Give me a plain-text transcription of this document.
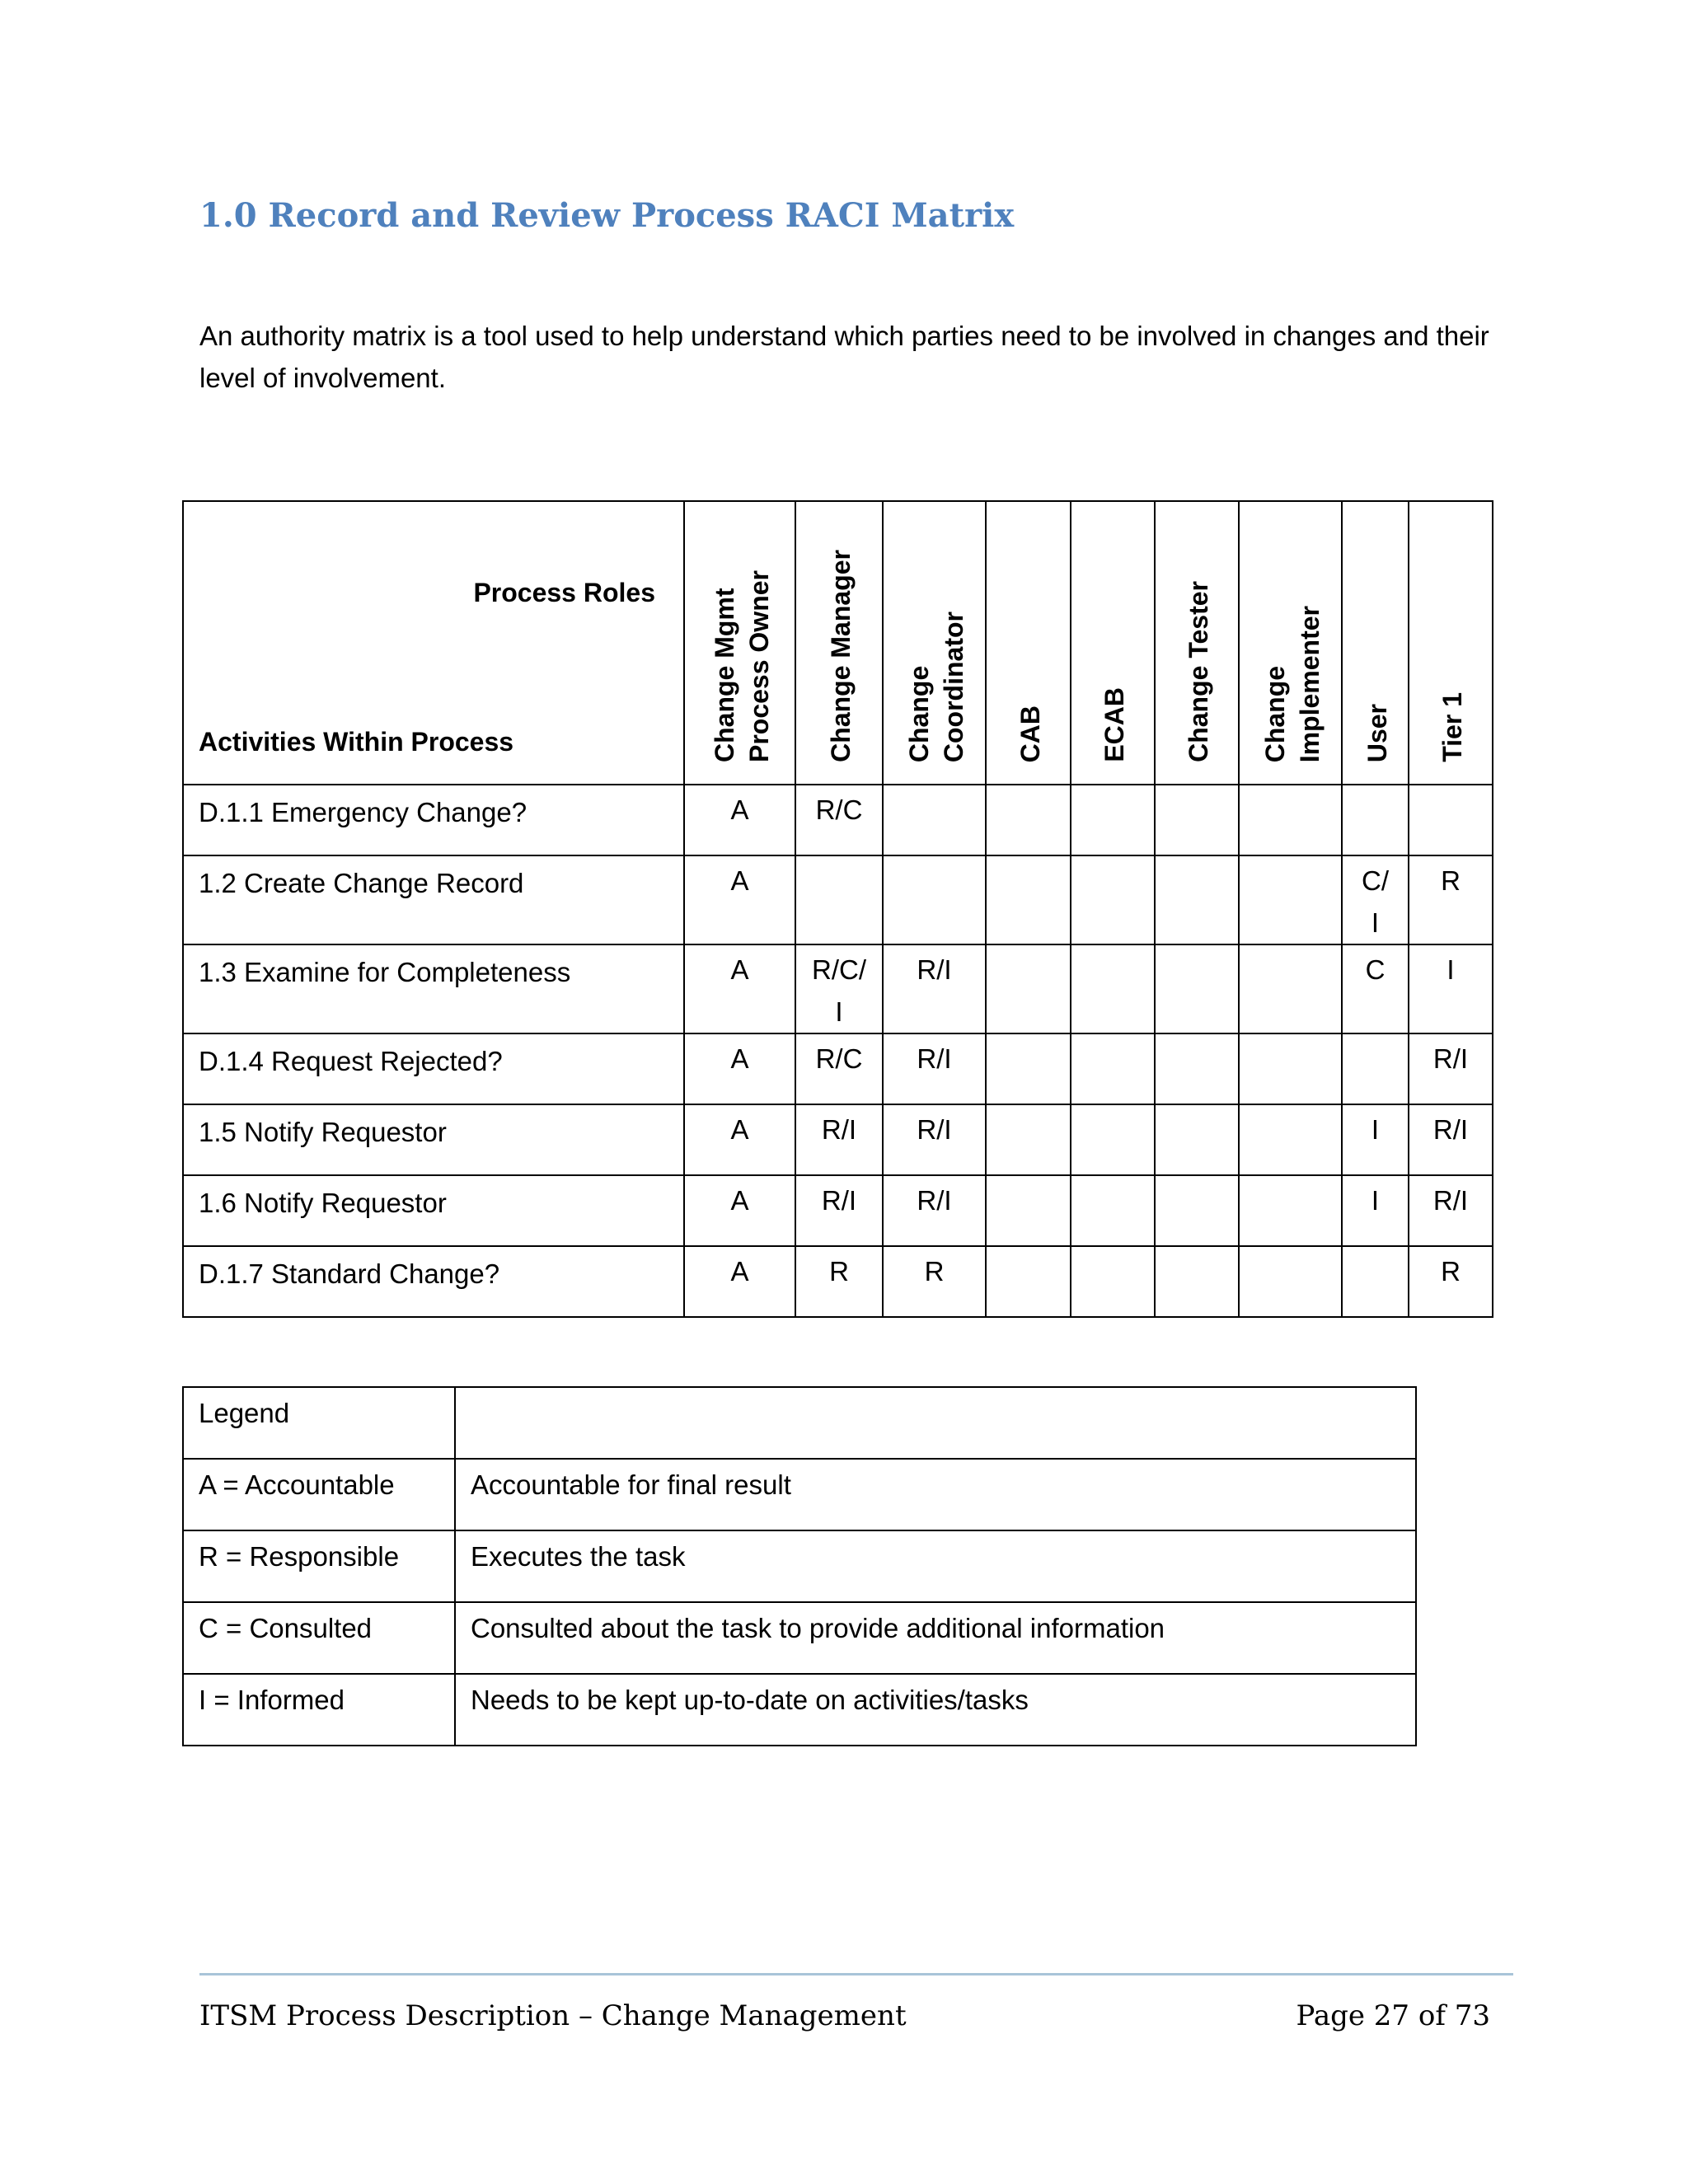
1.0 Record and Review Process RACI Matrix
An authority matrix is a tool used to help understand which parties need to be involved in changes and their level of involvement.
Process Roles
Activities Within Process	Change Mgmt
Process Owner	Change Manager	Change
Coordinator	CAB	ECAB	Change Tester	Change
Implementer	User	Tier 1
D.1.1 Emergency Change?	A	R/C							
1.2 Create Change Record	A							C/I	R
1.3 Examine for Completeness	A	R/C/I	R/I					C	I
D.1.4 Request Rejected?	A	R/C	R/I						R/I
1.5 Notify Requestor	A	R/I	R/I					I	R/I
1.6 Notify Requestor	A	R/I	R/I					I	R/I
D.1.7 Standard Change?	A	R	R						R
Legend	
A = Accountable	Accountable for final result
R = Responsible	Executes the task
C = Consulted	Consulted about the task to provide additional information
I = Informed	Needs to be kept up-to-date on activities/tasks
ITSM Process Description – Change Management	Page 27 of 73
